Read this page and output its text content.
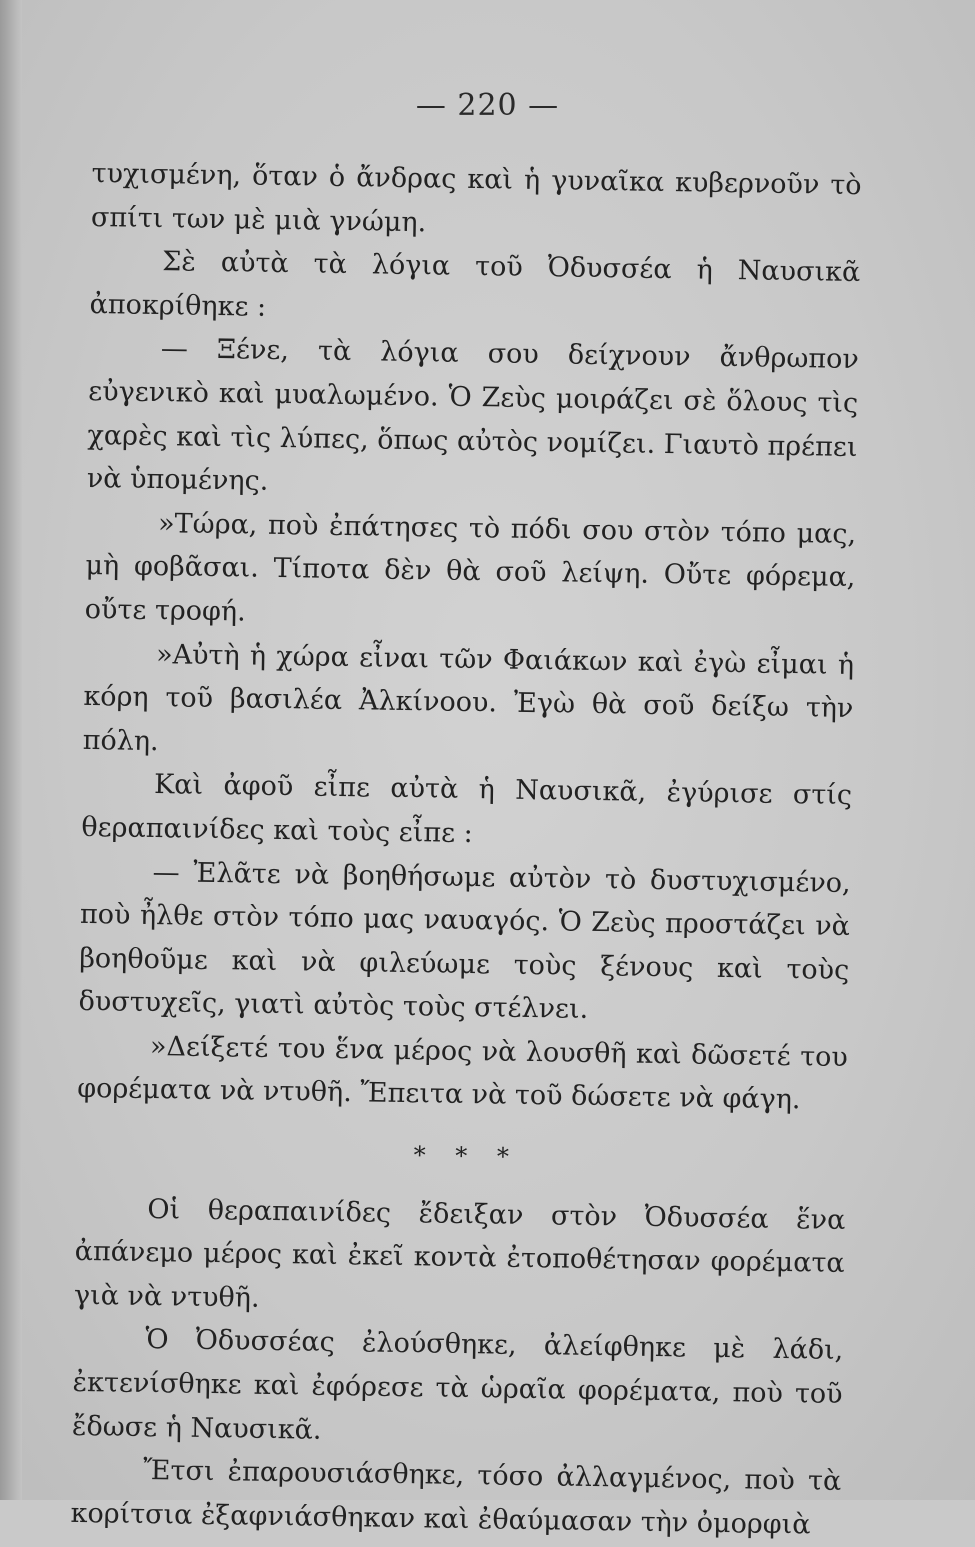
— 220 —

τυχισμένη, ὅταν ὁ ἄνδρας καὶ ἡ γυναῖκα κυβερνοῦν τὸ σπίτι των μὲ μιὰ γνώμη.

Σὲ αὐτὰ τὰ λόγια τοῦ Ὀδυσσέα ἡ Ναυσικᾶ ἀποκρίθηκε :

— Ξένε, τὰ λόγια σου δείχνουν ἄνθρωπον εὐγενικὸ καὶ μυαλωμένο. Ὁ Ζεὺς μοιράζει σὲ ὅλους τὶς χαρὲς καὶ τὶς λύπες, ὅπως αὐτὸς νομίζει. Γιαυτὸ πρέπει νὰ ὑπομένης.

»Τώρα, ποὺ ἐπάτησες τὸ πόδι σου στὸν τόπο μας, μὴ φοβᾶσαι. Τίποτα δὲν θὰ σοῦ λείψη. Οὔτε φόρεμα, οὔτε τροφή.

»Αὐτὴ ἡ χώρα εἶναι τῶν Φαιάκων καὶ ἐγὼ εἶμαι ἡ κόρη τοῦ βασιλέα Ἀλκίνοου. Ἐγὼ θὰ σοῦ δείξω τὴν πόλη.

Καὶ ἀφοῦ εἶπε αὐτὰ ἡ Ναυσικᾶ, ἐγύρισε στίς θεραπαινίδες καὶ τοὺς εἶπε :

— Ἐλᾶτε νὰ βοηθήσωμε αὐτὸν τὸ δυστυχισμένο, ποὺ ἦλθε στὸν τόπο μας ναυαγός. Ὁ Ζεὺς προστάζει νὰ βοηθοῦμε καὶ νὰ φιλεύωμε τοὺς ξένους καὶ τοὺς δυστυχεῖς, γιατὶ αὐτὸς τοὺς στέλνει.

»Δείξετέ του ἕνα μέρος νὰ λουσθῆ καὶ δῶσετέ του φορέματα νὰ ντυθῆ. Ἔπειτα νὰ τοῦ δώσετε νὰ φάγη.

* * *

Οἱ θεραπαινίδες ἔδειξαν στὸν Ὀδυσσέα ἕνα ἀπάνεμο μέρος καὶ ἐκεῖ κοντὰ ἐτοποθέτησαν φορέματα γιὰ νὰ ντυθῆ.

Ὁ Ὀδυσσέας ἐλούσθηκε, ἀλείφθηκε μὲ λάδι, ἐκτενίσθηκε καὶ ἐφόρεσε τὰ ὡραῖα φορέματα, ποὺ τοῦ ἔδωσε ἡ Ναυσικᾶ.

Ἔτσι ἐπαρουσιάσθηκε, τόσο ἀλλαγμένος, ποὺ τὰ κορίτσια ἐξαφνιάσθηκαν καὶ ἐθαύμασαν τὴν ὀμορφιὰ
